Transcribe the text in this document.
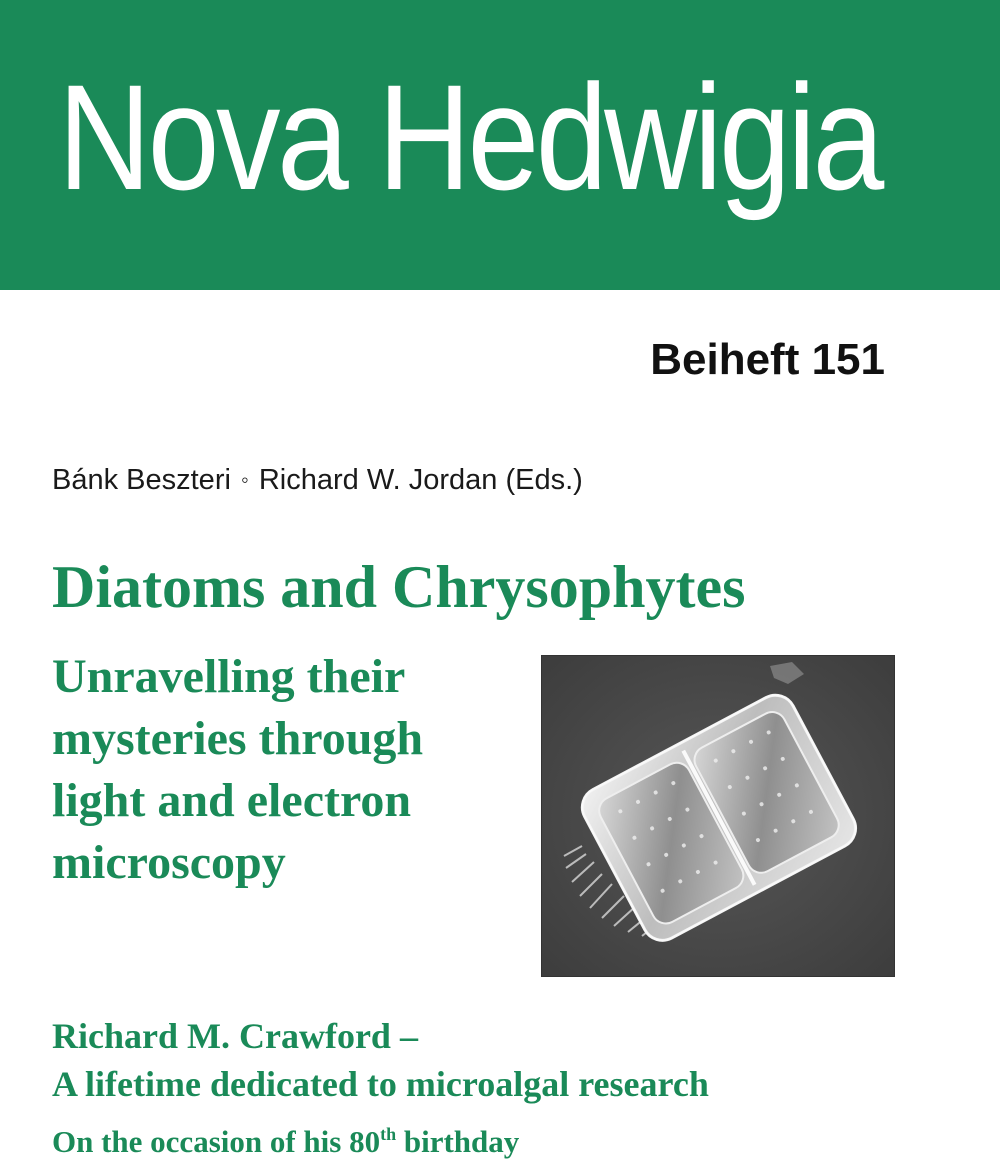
Nova Hedwigia
Beiheft 151
Bánk Beszteri ◦ Richard W. Jordan (Eds.)
Diatoms and Chrysophytes
Unravelling their
mysteries through
light and electron
microscopy
Richard M. Crawford –
A lifetime dedicated to microalgal research
On the occasion of his 80th birthday
